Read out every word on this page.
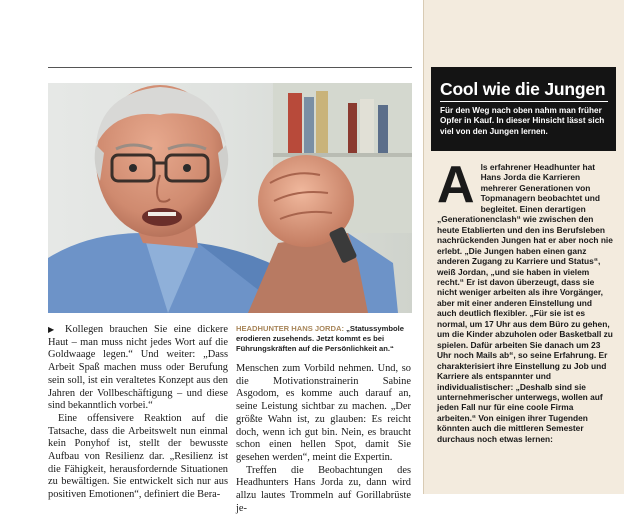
▶ Kollegen brauchen Sie eine dickere Haut – man muss nicht jedes Wort auf die Goldwaage legen.“ Und weiter: „Dass Arbeit Spaß machen muss oder Berufung sein soll, ist ein veraltetes Konzept aus den Jahren der Vollbeschäftigung – und diese sind bekanntlich vorbei.“

Eine offensivere Reaktion auf die Tatsache, dass die Arbeitswelt nun einmal kein Ponyhof ist, stellt der bewusste Aufbau von Resilienz dar. „Resilienz ist die Fähigkeit, herausfordernde Situationen zu bewältigen. Sie entwickelt sich nur aus positiven Emotionen“, definiert die Bera-

HEADHUNTER HANS JORDA: „Statussymbole erodieren zusehends. Jetzt kommt es bei Führungskräften auf die Persönlichkeit an.“

Menschen zum Vorbild nehmen. Und, so die Motivationstrainerin Sabine Asgodom, es komme auch darauf an, seine Leistung sichtbar zu machen. „Der größte Wahn ist, zu glauben: Es reicht doch, wenn ich gut bin. Nein, es braucht schon einen hellen Spot, damit Sie gesehen werden“, meint die Expertin.

Treffen die Beobachtungen des Headhunters Hans Jorda zu, dann wird allzu lautes Trommeln auf Gorillabrüste je-

Cool wie die Jungen
Für den Weg nach oben nahm man früher Opfer in Kauf. In dieser Hinsicht lässt sich viel von den Jungen lernen.
Als erfahrener Headhunter hat Hans Jorda die Karrieren mehrerer Generationen von Topmanagern beobachtet und begleitet. Einen derartigen „Generationenclash“ wie zwischen den heute Etablierten und den ins Berufsleben nachrückenden Jungen hat er aber noch nie erlebt. „Die Jungen haben einen ganz anderen Zugang zu Karriere und Status“, weiß Jordan, „und sie haben in vielem recht.“ Er ist davon überzeugt, dass sie nicht weniger arbeiten als ihre Vorgänger, aber mit einer anderen Einstellung und auch deutlich flexibler. „Für sie ist es normal, um 17 Uhr aus dem Büro zu gehen, um die Kinder abzuholen oder Basketball zu spielen. Dafür arbeiten Sie danach um 23 Uhr noch Mails ab“, so seine Erfahrung. Er charakterisiert ihre Einstellung zu Job und Karriere als entspannter und individualistischer: „Deshalb sind sie unternehmerischer unterwegs, wollen auf jeden Fall nur für eine coole Firma arbeiten.“ Von einigen ihrer Tugenden könnten auch die mittleren Semester durchaus noch etwas lernen:
